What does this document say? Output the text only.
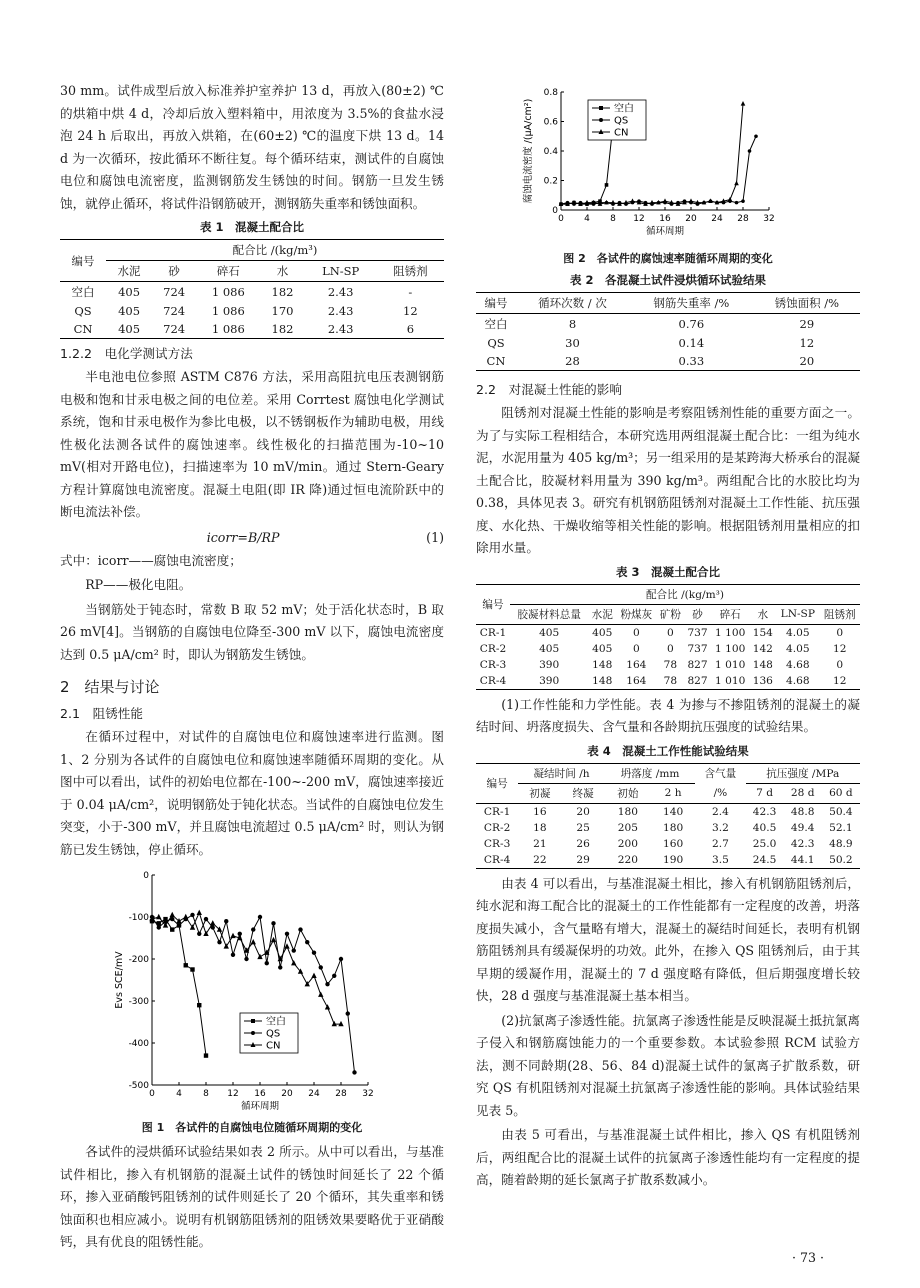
30 mm。试件成型后放入标准养护室养护 13 d，再放入(80±2) ℃的烘箱中烘 4 d，冷却后放入塑料箱中，用浓度为 3.5%的食盐水浸泡 24 h 后取出，再放入烘箱，在(60±2) ℃的温度下烘 13 d。14 d 为一次循环，按此循环不断往复。每个循环结束，测试件的自腐蚀电位和腐蚀电流密度，监测钢筋发生锈蚀的时间。钢筋一旦发生锈蚀，就停止循环，将试件沿钢筋破开，测钢筋失重率和锈蚀面积。

表 1　混凝土配合比
编号	配合比 /(kg/m³)					
	水泥	砂	碎石	水	LN-SP	阻锈剂
空白	405	724	1 086	182	2.43	-
QS	405	724	1 086	170	2.43	12
CN	405	724	1 086	182	2.43	6
1.2.2　电化学测试方法

半电池电位参照 ASTM C876 方法，采用高阻抗电压表测钢筋电极和饱和甘汞电极之间的电位差。采用 Corrtest 腐蚀电化学测试系统，饱和甘汞电极作为参比电极，以不锈钢板作为辅助电极，用线性极化法测各试件的腐蚀速率。线性极化的扫描范围为-10~10 mV(相对开路电位)，扫描速率为 10 mV/min。通过 Stern-Geary 方程计算腐蚀电流密度。混凝土电阻(即 IR 降)通过恒电流阶跃中的断电流法补偿。

icorr=B/RP	(1)

式中：icorr——腐蚀电流密度；

RP——极化电阻。

当钢筋处于钝态时，常数 B 取 52 mV；处于活化状态时，B 取 26 mV[4]。当钢筋的自腐蚀电位降至-300 mV 以下，腐蚀电流密度达到 0.5 μA/cm² 时，即认为钢筋发生锈蚀。

2　结果与讨论
2.1　阻锈性能

在循环过程中，对试件的自腐蚀电位和腐蚀速率进行监测。图 1、2 分别为各试件的自腐蚀电位和腐蚀速率随循环周期的变化。从图中可以看出，试件的初始电位都在-100~-200 mV，腐蚀速率接近于 0.04 μA/cm²，说明钢筋处于钝化状态。当试件的自腐蚀电位发生突变，小于-300 mV，并且腐蚀电流超过 0.5 μA/cm² 时，则认为钢筋已发生锈蚀，停止循环。

0 4 8 12 16 20 24 28 32
0
-100
-200
-300
-400
-500
循环周期
Evs SCE/mV
空白
QS
CN
图 1　各试件的自腐蚀电位随循环周期的变化

各试件的浸烘循环试验结果如表 2 所示。从中可以看出，与基准试件相比，掺入有机钢筋的混凝土试件的锈蚀时间延长了 22 个循环，掺入亚硝酸钙阻锈剂的试件则延长了 20 个循环，其失重率和锈蚀面积也相应减小。说明有机钢筋阻锈剂的阻锈效果要略优于亚硝酸钙，具有优良的阻锈性能。

0 4 8 12 16 20 24 28 32
0
0.2
0.4
0.6
0.8
循环周期
腐蚀电流密度 /(μA/cm²)	空白
QS
CN
图 2　各试件的腐蚀速率随循环周期的变化
表 2　各混凝土试件浸烘循环试验结果
编号	循环次数 / 次	钢筋失重率 /%	锈蚀面积 /%
空白	8	0.76	29
QS	30	0.14	12
CN	28	0.33	20
2.2　对混凝土性能的影响

阻锈剂对混凝土性能的影响是考察阻锈剂性能的重要方面之一。为了与实际工程相结合，本研究选用两组混凝土配合比：一组为纯水泥，水泥用量为 405 kg/m³；另一组采用的是某跨海大桥承台的混凝土配合比，胶凝材料用量为 390 kg/m³。两组配合比的水胶比均为 0.38，具体见表 3。研究有机钢筋阻锈剂对混凝土工作性能、抗压强度、水化热、干燥收缩等相关性能的影响。根据阻锈剂用量相应的扣除用水量。

表 3　混凝土配合比
编号	配合比 /(kg/m³)								
	胶凝材料总量	水泥	粉煤灰	矿粉	砂	碎石	水	LN-SP	阻锈剂
CR-1	405	405	0	0	737	1 100	154	4.05	0
CR-2	405	405	0	0	737	1 100	142	4.05	12
CR-3	390	148	164	78	827	1 010	148	4.68	0
CR-4	390	148	164	78	827	1 010	136	4.68	12

(1)工作性能和力学性能。表 4 为掺与不掺阻锈剂的混凝土的凝结时间、坍落度损失、含气量和各龄期抗压强度的试验结果。

表 4　混凝土工作性能试验结果
编号	凝结时间 /h		坍落度 /mm		含气量	抗压强度 /MPa		
	初凝	终凝	初始	2 h	/%	7 d	28 d	60 d
CR-1	16	20	180	140	2.4	42.3	48.8	50.4
CR-2	18	25	205	180	3.2	40.5	49.4	52.1
CR-3	21	26	200	160	2.7	25.0	42.3	48.9
CR-4	22	29	220	190	3.5	24.5	44.1	50.2

由表 4 可以看出，与基准混凝土相比，掺入有机钢筋阻锈剂后，纯水泥和海工配合比的混凝土的工作性能都有一定程度的改善，坍落度损失减小，含气量略有增大，混凝土的凝结时间延长，表明有机钢筋阻锈剂具有缓凝保坍的功效。此外，在掺入 QS 阻锈剂后，由于其早期的缓凝作用，混凝土的 7 d 强度略有降低，但后期强度增长较快，28 d 强度与基准混凝土基本相当。

(2)抗氯离子渗透性能。抗氯离子渗透性能是反映混凝土抵抗氯离子侵入和钢筋腐蚀能力的一个重要参数。本试验参照 RCM 试验方法，测不同龄期(28、56、84 d)混凝土试件的氯离子扩散系数，研究 QS 有机阻锈剂对混凝土抗氯离子渗透性能的影响。具体试验结果见表 5。

由表 5 可看出，与基准混凝土试件相比，掺入 QS 有机阻锈剂后，两组配合比的混凝土试件的抗氯离子渗透性能均有一定程度的提高，随着龄期的延长氯离子扩散系数减小。

· 73 ·
